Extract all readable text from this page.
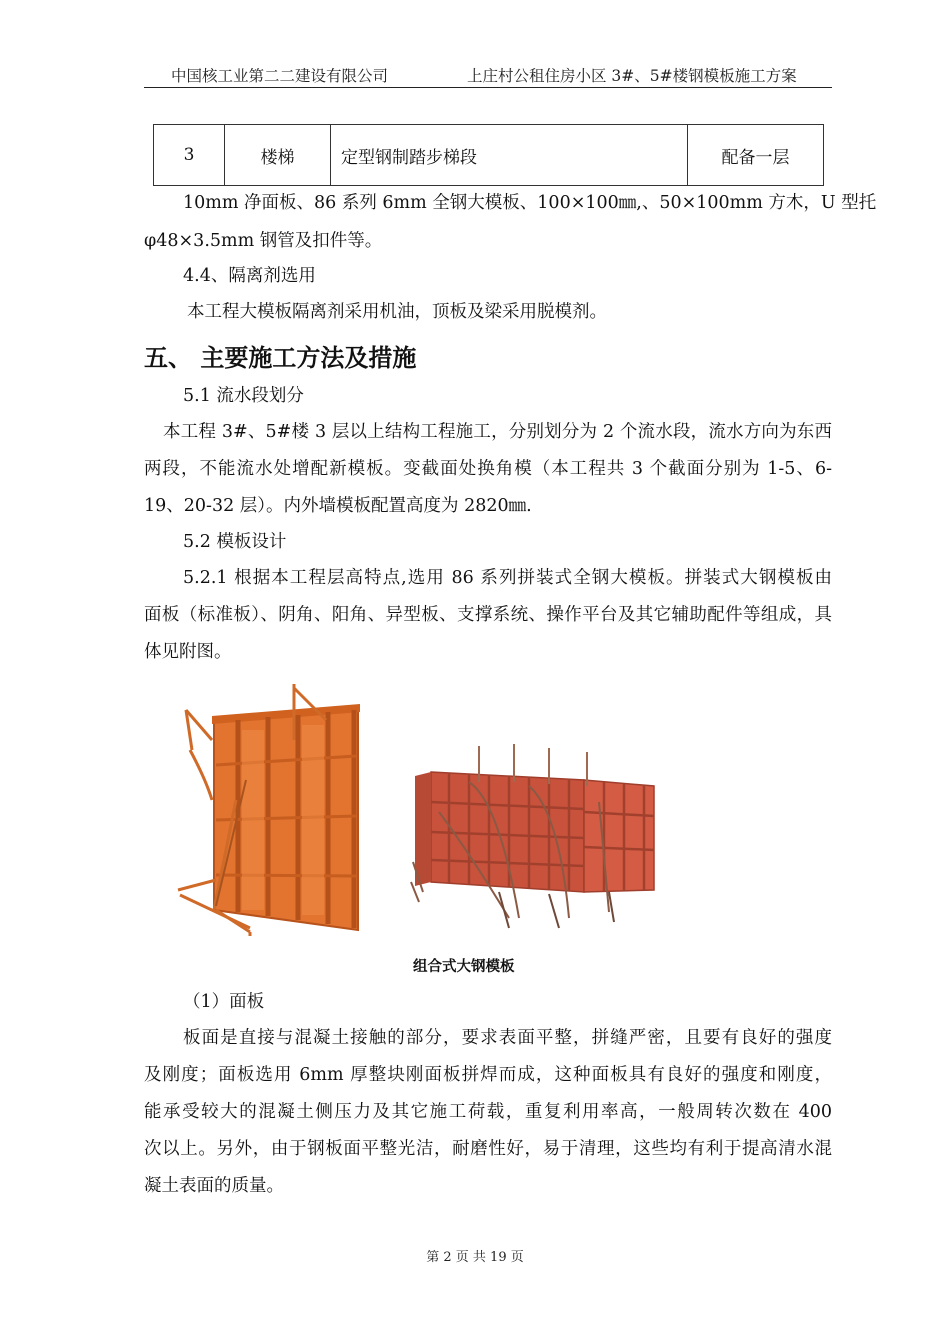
中国核工业第二二建设有限公司	上庄村公租住房小区 3#、5#楼钢模板施工方案
3	楼梯	定型钢制踏步梯段	配备一层
10mm 净面板、86 系列 6mm 全钢大模板、100×100㎜,、50×100mm 方木，U 型托
φ48×3.5mm 钢管及扣件等。
4.4、隔离剂选用
本工程大模板隔离剂采用机油，顶板及梁采用脱模剂。
五、 主要施工方法及措施
5.1 流水段划分
本工程 3#、5#楼 3 层以上结构工程施工，分别划分为 2 个流水段，流水方向为东西
两段，不能流水处增配新模板。变截面处换角模（本工程共 3 个截面分别为 1-5、6-
19、20-32 层）。内外墙模板配置高度为 2820㎜.
5.2 模板设计
5.2.1 根据本工程层高特点,选用 86 系列拼装式全钢大模板。拼装式大钢模板由
面板（标准板）、阴角、阳角、异型板、支撑系统、操作平台及其它辅助配件等组成，具
体见附图。
组合式大钢模板
（1）面板
板面是直接与混凝土接触的部分，要求表面平整，拼缝严密，且要有良好的强度
及刚度；面板选用 6mm 厚整块刚面板拼焊而成，这种面板具有良好的强度和刚度，
能承受较大的混凝土侧压力及其它施工荷载，重复利用率高，一般周转次数在 400
次以上。另外，由于钢板面平整光洁，耐磨性好，易于清理，这些均有利于提高清水混
凝土表面的质量。
第 2 页 共 19 页
